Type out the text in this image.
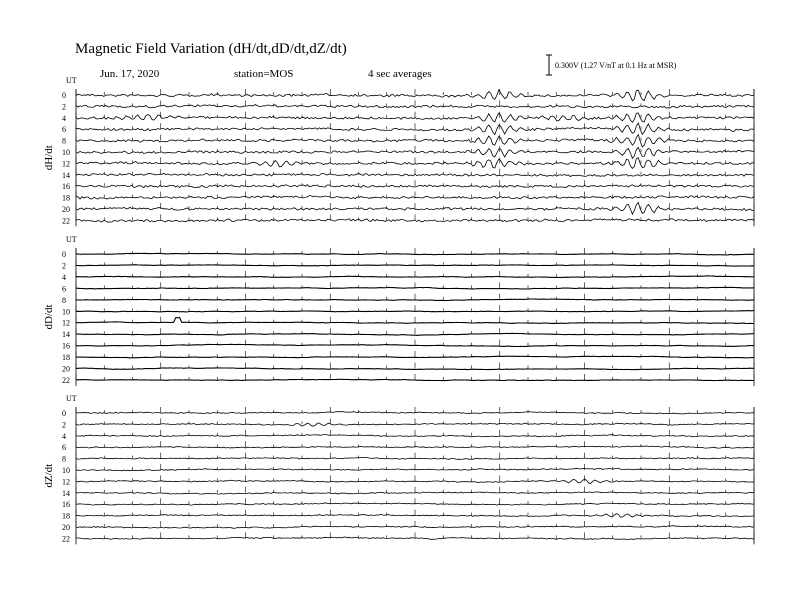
Magnetic Field Variation (dH/dt,dD/dt,dZ/dt)
Jun. 17, 2020	station=MOS	4 sec averages
0.300V (1.27 V/nT at 0.1 Hz at MSR)
UT
dH/dt
0
2
4
6
8
10
12
14
16
18
20
22
UT
dD/dt
0
2
4
6
8
10
12
14
16
18
20
22
UT
dZ/dt
0
2
4
6
8
10
12
14
16
18
20
22
